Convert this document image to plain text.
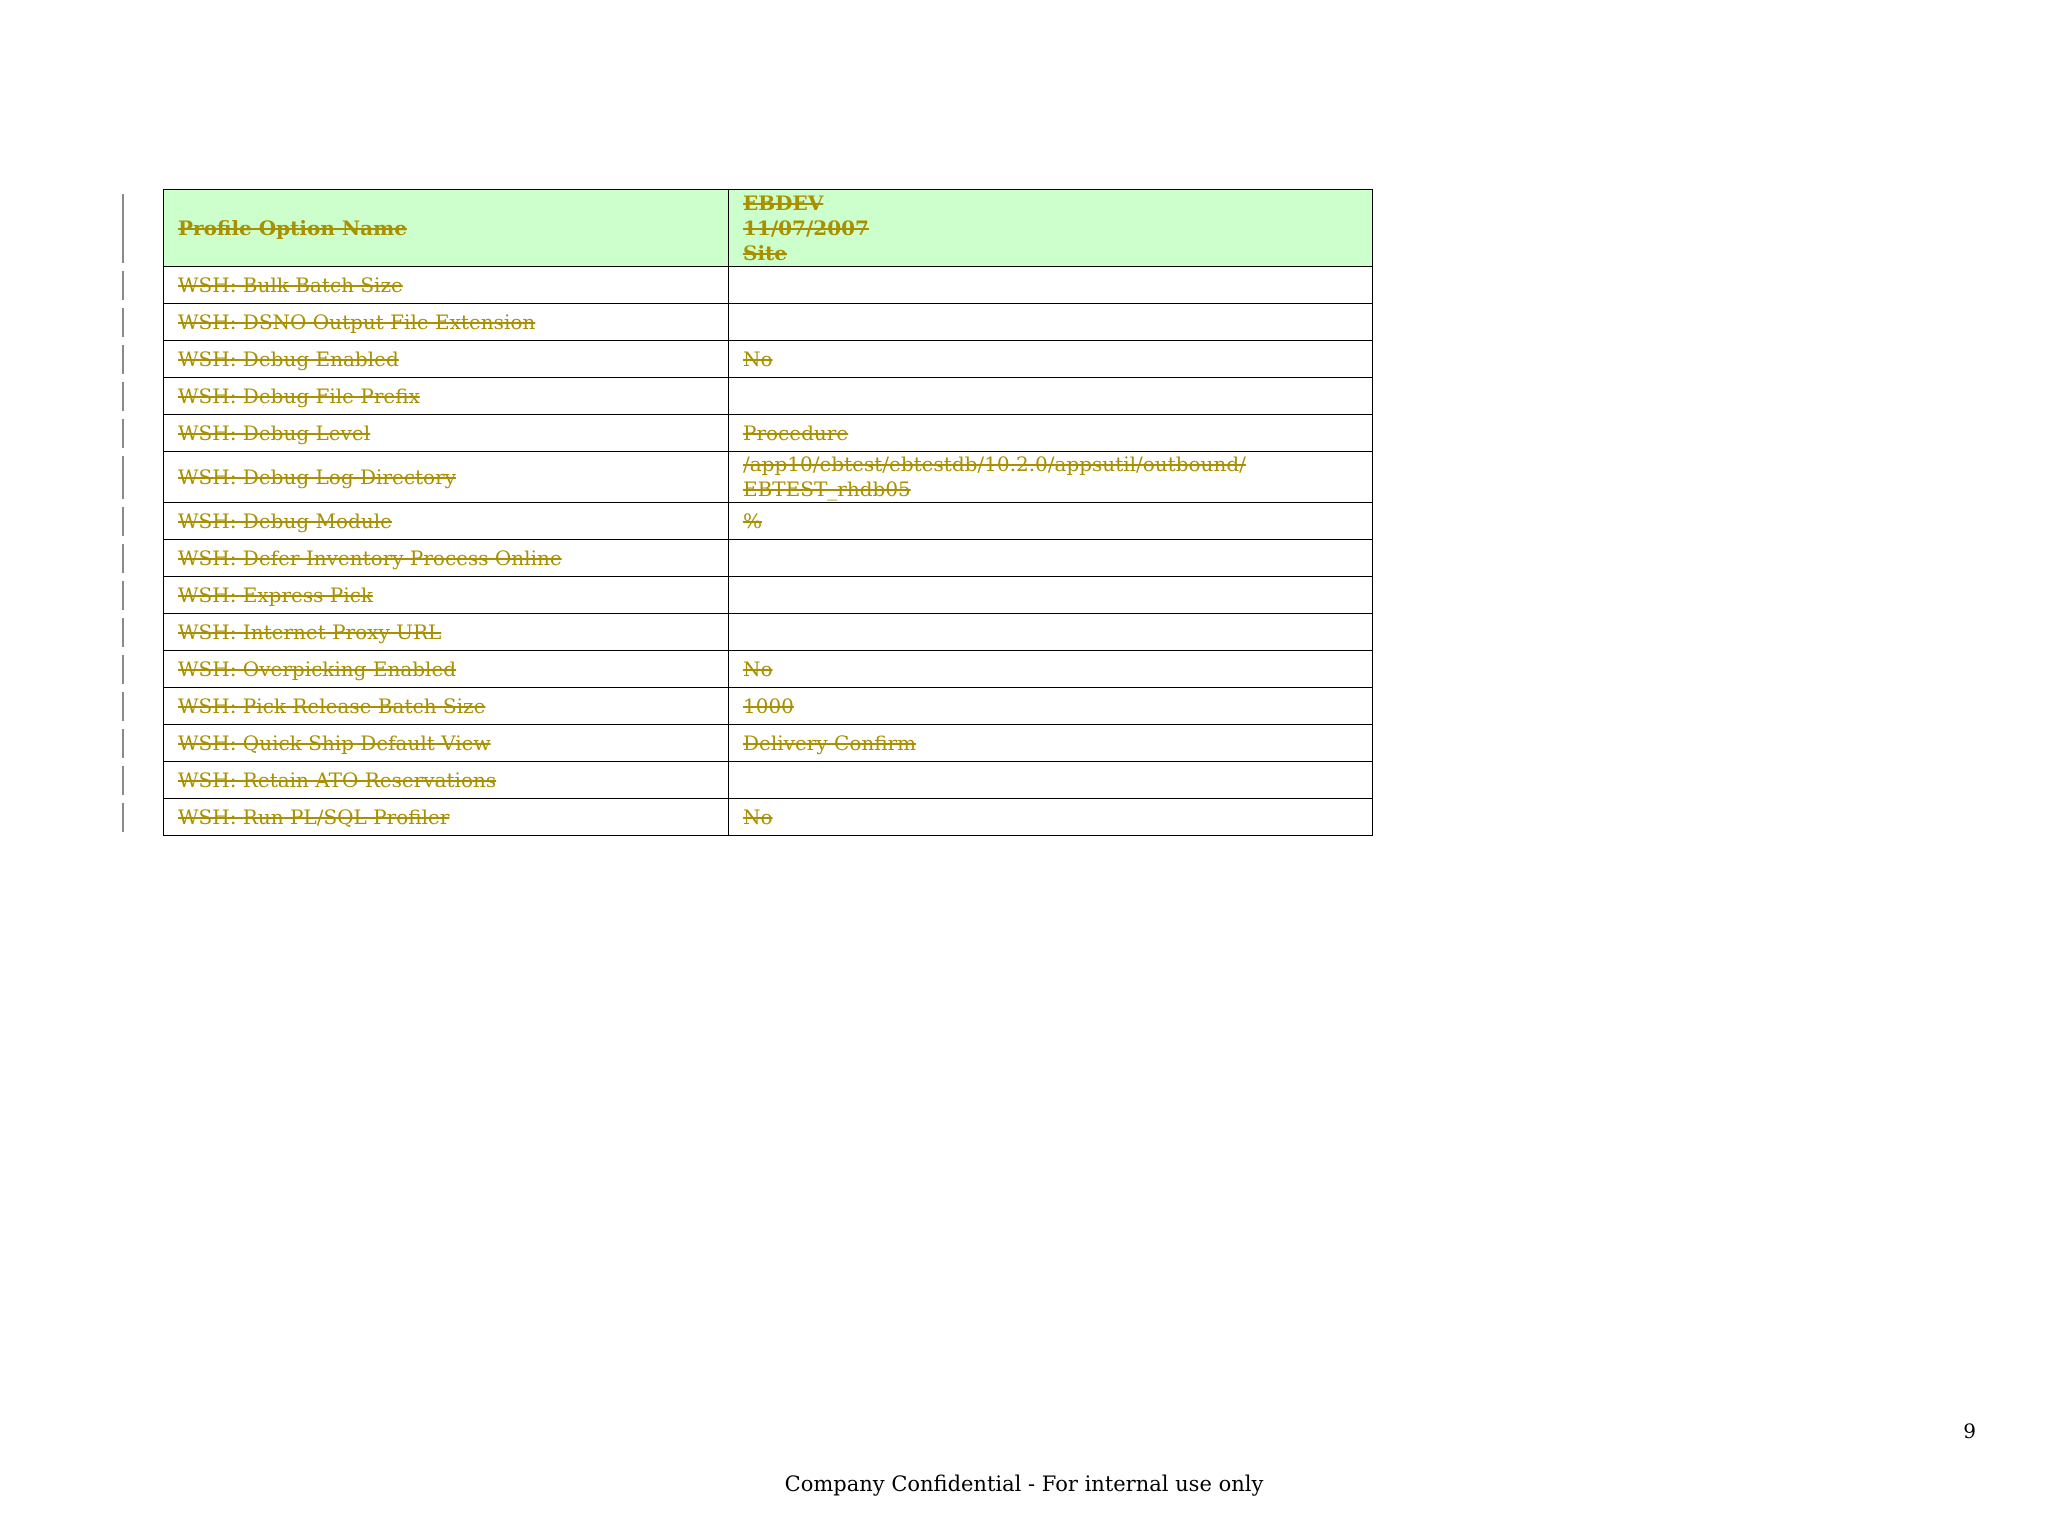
Profile Option Name	EBDEV
11/07/2007
Site

WSH: Bulk Batch Size	
WSH: DSNO Output File Extension	
WSH: Debug Enabled	No
WSH: Debug File Prefix	
WSH: Debug Level	Procedure
WSH: Debug Log Directory	/app10/ebtest/ebtestdb/10.2.0/appsutil/outbound/ EBTEST_rhdb05
WSH: Debug Module	%
WSH: Defer Inventory Process Online	
WSH: Express Pick	
WSH: Internet Proxy URL	
WSH: Overpicking Enabled	No
WSH: Pick Release Batch Size	1000
WSH: Quick Ship Default View	Delivery Confirm
WSH: Retain ATO Reservations	
WSH: Run PL/SQL Profiler	No
9
Company Confidential - For internal use only
